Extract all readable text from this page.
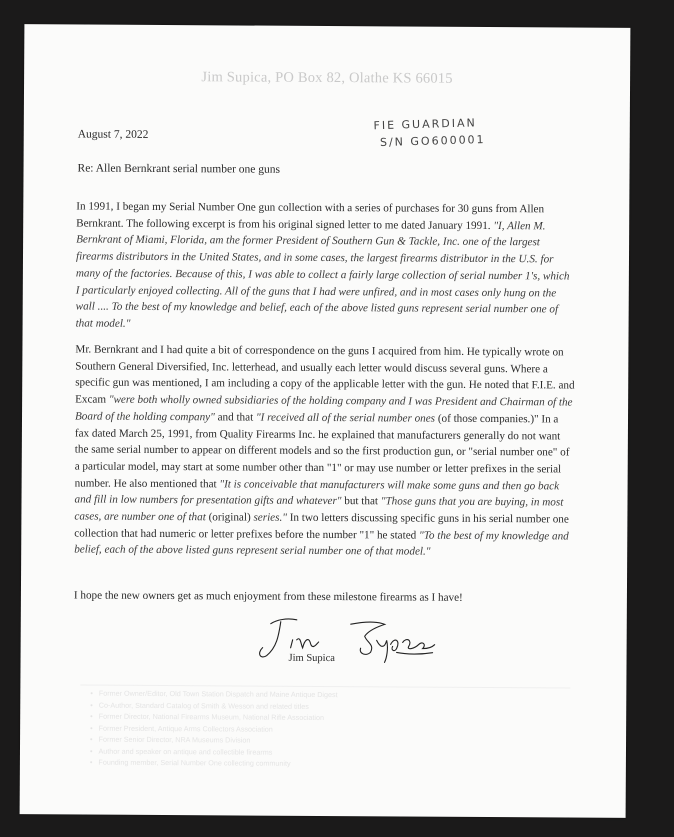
Jim Supica, PO Box 82, Olathe KS 66015
August 7, 2022
FIE GUARDIAN
S/N GO600001
Re: Allen Bernkrant serial number one guns

In 1991, I began my Serial Number One gun collection with a series of purchases for 30 guns from Allen Bernkrant. The following excerpt is from his original signed letter to me dated January 1991. "I, Allen M. Bernkrant of Miami, Florida, am the former President of Southern Gun & Tackle, Inc. one of the largest firearms distributors in the United States, and in some cases, the largest firearms distributor in the U.S. for many of the factories. Because of this, I was able to collect a fairly large collection of serial number 1's, which I particularly enjoyed collecting. All of the guns that I had were unfired, and in most cases only hung on the wall .... To the best of my knowledge and belief, each of the above listed guns represent serial number one of that model."

Mr. Bernkrant and I had quite a bit of correspondence on the guns I acquired from him. He typically wrote on Southern General Diversified, Inc. letterhead, and usually each letter would discuss several guns. Where a specific gun was mentioned, I am including a copy of the applicable letter with the gun. He noted that F.I.E. and Excam "were both wholly owned subsidiaries of the holding company and I was President and Chairman of the Board of the holding company" and that "I received all of the serial number ones (of those companies.)" In a fax dated March 25, 1991, from Quality Firearms Inc. he explained that manufacturers generally do not want the same serial number to appear on different models and so the first production gun, or "serial number one" of a particular model, may start at some number other than "1" or may use number or letter prefixes in the serial number. He also mentioned that "It is conceivable that manufacturers will make some guns and then go back and fill in low numbers for presentation gifts and whatever" but that "Those guns that you are buying, in most cases, are number one of that (original) series." In two letters discussing specific guns in his serial number one collection that had numeric or letter prefixes before the number "1" he stated "To the best of my knowledge and belief, each of the above listed guns represent serial number one of that model."

I hope the new owners get as much enjoyment from these milestone firearms as I have!

Jim Supica
• Former Owner/Editor, Old Town Station Dispatch and Maine Antique Digest
• Co-Author, Standard Catalog of Smith & Wesson and related titles
• Former Director, National Firearms Museum, National Rifle Association
• Former President, Antique Arms Collectors Association
• Former Senior Director, NRA Museums Division
• Author and speaker on antique and collectible firearms
• Founding member, Serial Number One collecting community
